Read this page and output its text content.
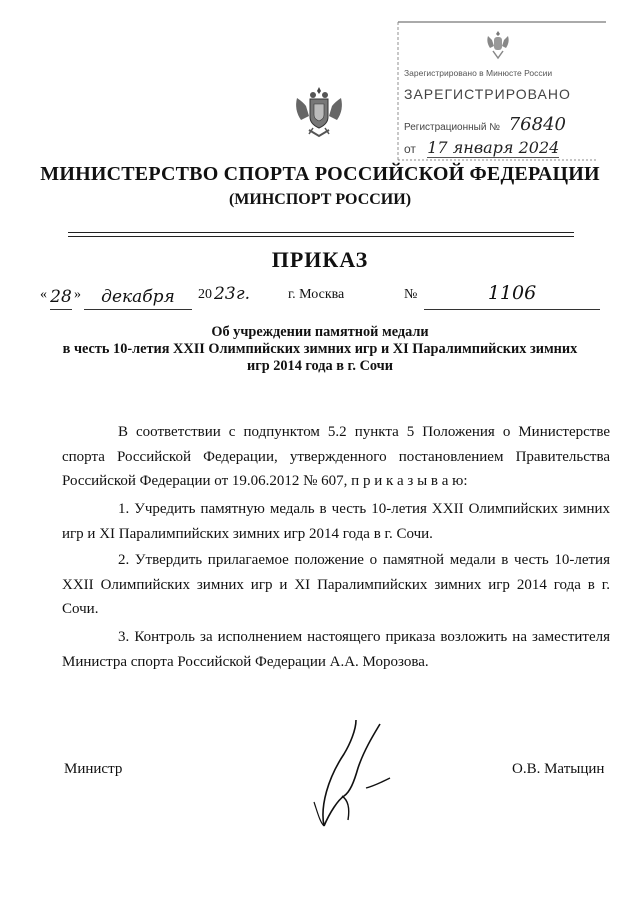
Зарегистрировано в Минюсте России
ЗАРЕГИСТРИРОВАНО
Регистрационный № 76840
от 17 января 2024
МИНИСТЕРСТВО СПОРТА РОССИЙСКОЙ ФЕДЕРАЦИИ
(МИНСПОРТ РОССИИ)
ПРИКАЗ
« 28 »	декабря	20 23 г.	г. Москва	№	1106
Об учреждении памятной медали
в честь 10-летия XXII Олимпийских зимних игр и XI Паралимпийских зимних
игр 2014 года в г. Сочи
В соответствии с подпунктом 5.2 пункта 5 Положения о Министерстве спорта Российской Федерации, утвержденного постановлением Правительства Российской Федерации от 19.06.2012 № 607, п р и к а з ы в а ю:
1. Учредить памятную медаль в честь 10-летия XXII Олимпийских зимних игр и XI Паралимпийских зимних игр 2014 года в г. Сочи.
2. Утвердить прилагаемое положение о памятной медали в честь 10-летия XXII Олимпийских зимних игр и XI Паралимпийских зимних игр 2014 года в г. Сочи.
3. Контроль за исполнением настоящего приказа возложить на заместителя Министра спорта Российской Федерации А.А. Морозова.
Министр	О.В. Матыцин
